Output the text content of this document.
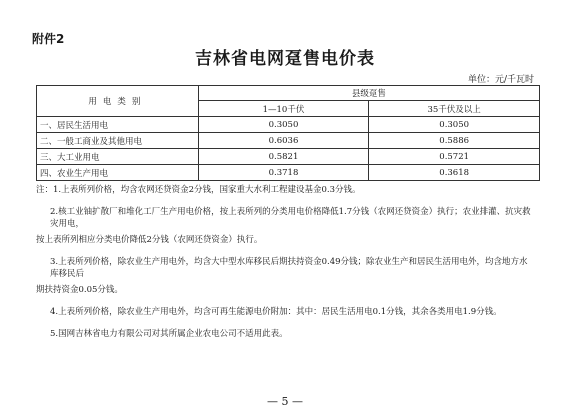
附件2
吉林省电网趸售电价表
单位：元/千瓦时
用电类别	县级趸售	
	1—10千伏	35千伏及以上
一、居民生活用电	0.3050	0.3050
二、一般工商业及其他用电	0.6036	0.5886
三、大工业用电	0.5821	0.5721
四、农业生产用电	0.3718	0.3618

注：1.上表所列价格，均含农网还贷资金2分钱，国家重大水利工程建设基金0.3分钱。

2.核工业铀扩散厂和堆化工厂生产用电价格，按上表所列的分类用电价格降低1.7分钱（农网还贷资金）执行；农业排灌、抗灾救灾用电，

按上表所列相应分类电价降低2分钱（农网还贷资金）执行。

3.上表所列价格，除农业生产用电外，均含大中型水库移民后期扶持资金0.49分钱；除农业生产和居民生活用电外，均含地方水库移民后

期扶持资金0.05分钱。

4.上表所列价格，除农业生产用电外，均含可再生能源电价附加：其中：居民生活用电0.1分钱，其余各类用电1.9分钱。

5.国网吉林省电力有限公司对其所属企业农电公司不适用此表。

— 5 —
